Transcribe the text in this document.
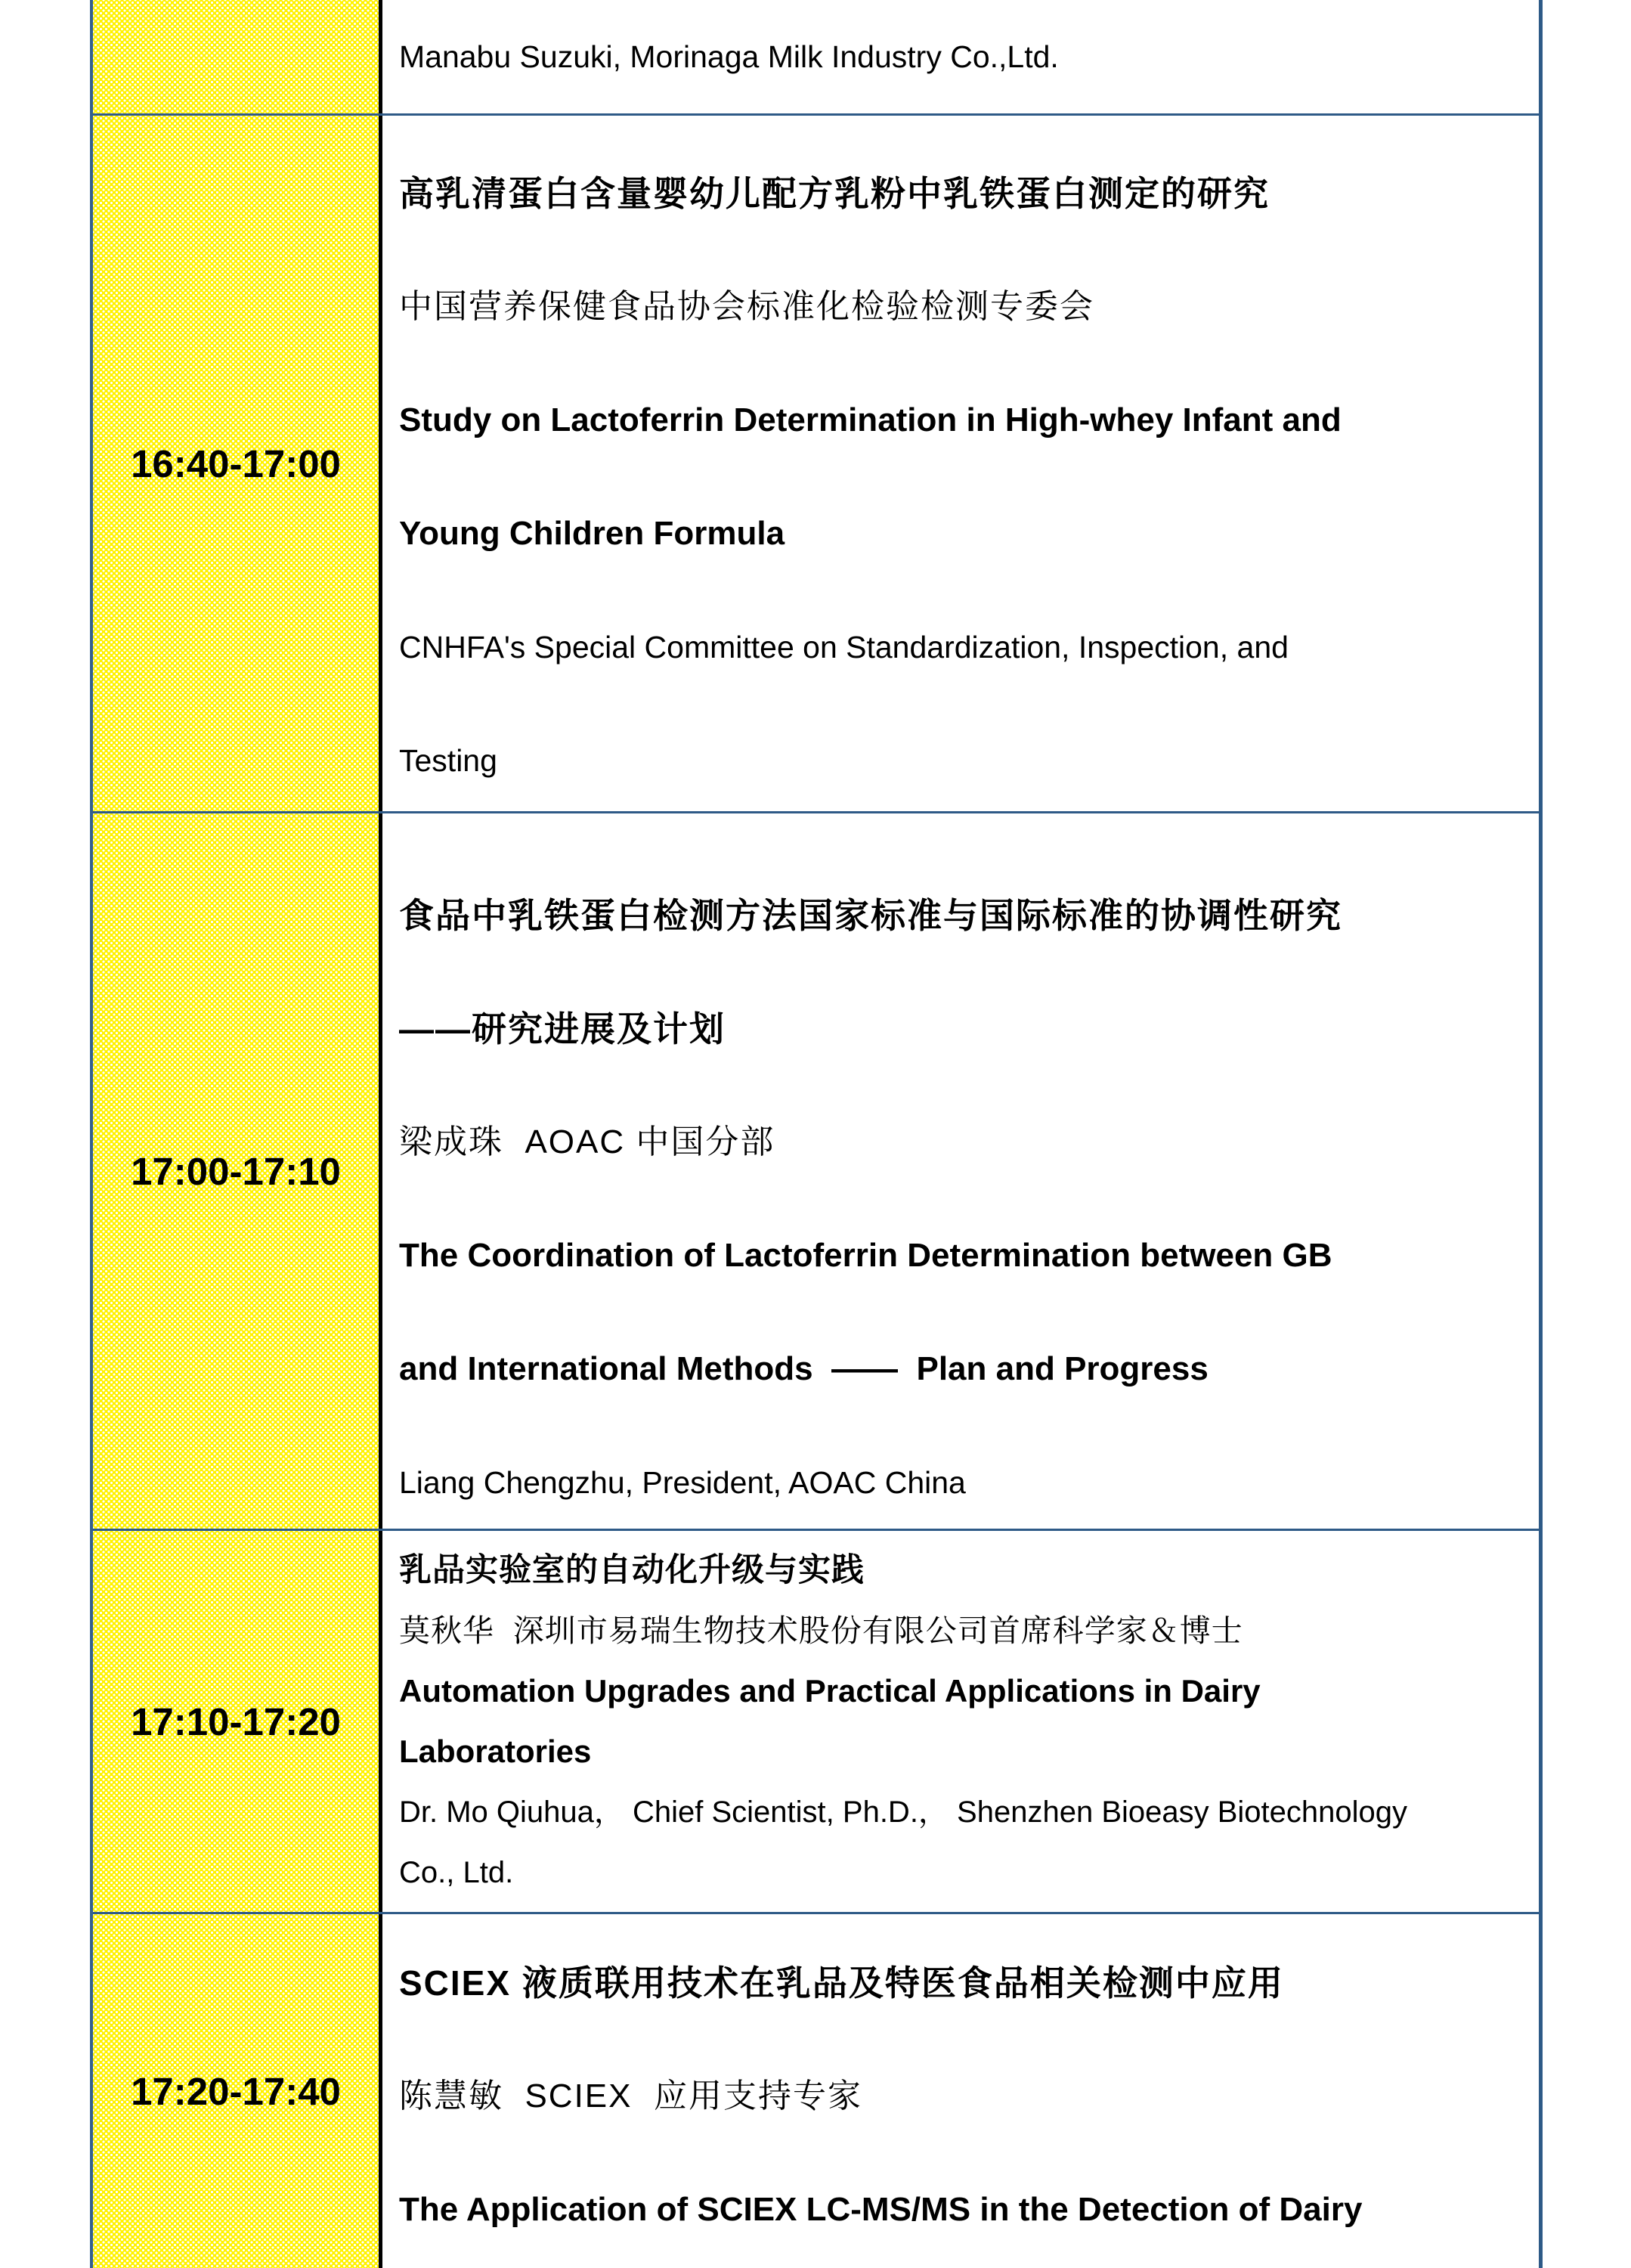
Manabu Suzuki, Morinaga Milk Industry Co.,Ltd.

16:40-17:00

高乳清蛋白含量婴幼儿配方乳粉中乳铁蛋白测定的研究

中国营养保健食品协会标准化检验检测专委会

Study on Lactoferrin Determination in High-whey Infant and

Young Children Formula

CNHFA's Special Committee on Standardization, Inspection, and

Testing

17:00-17:10

食品中乳铁蛋白检测方法国家标准与国际标准的协调性研究

——研究进展及计划

梁成珠  AOAC 中国分部

The Coordination of Lactoferrin Determination between GB

and International Methods  ——  Plan and Progress

Liang Chengzhu, President, AOAC China

17:10-17:20

乳品实验室的自动化升级与实践

莫秋华  深圳市易瑞生物技术股份有限公司首席科学家＆博士

Automation Upgrades and Practical Applications in Dairy

Laboratories

Dr. Mo Qiuhua， Chief Scientist, Ph.D.， Shenzhen Bioeasy Biotechnology

Co., Ltd.

17:20-17:40

SCIEX 液质联用技术在乳品及特医食品相关检测中应用

陈慧敏  SCIEX  应用支持专家

The Application of SCIEX LC-MS/MS in the Detection of Dairy
